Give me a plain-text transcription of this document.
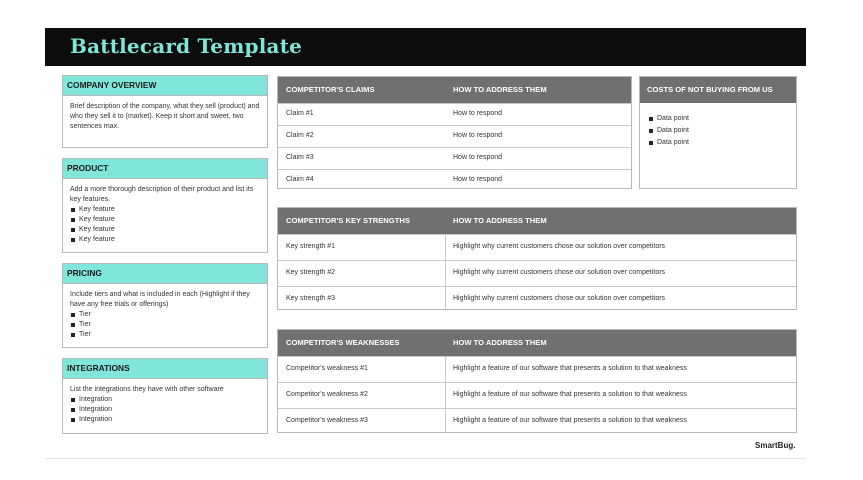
Battlecard Template
COMPANY OVERVIEW
Brief description of the company, what they sell (product) and who they sell it to (market). Keep it short and sweet, two sentences max.
PRODUCT
Add a more thorough description of their product and list its key features.
Key feature
Key feature
Key feature
Key feature
PRICING
Include tiers and what is included in each (Highlight if they have any free trials or offerings)
Tier
Tier
Tier
INTEGRATIONS
List the integrations they have with other software
Integration
Integration
Integration
COMPETITOR'S CLAIMS	HOW TO ADDRESS THEM
Claim #1	How to respond
Claim #2	How to respond
Claim #3	How to respond
Claim #4	How to respond
COSTS OF NOT BUYING FROM US
Data point
Data point
Data point
COMPETITOR'S KEY STRENGTHS	HOW TO ADDRESS THEM
Key strength #1	Highlight why current customers chose our solution over competitors
Key strength #2	Highlight why current customers chose our solution over competitors
Key strength #3	Highlight why current customers chose our solution over competitors
COMPETITOR'S WEAKNESSES	HOW TO ADDRESS THEM
Competitor's weakness #1	Highlight a feature of our software that presents a solution to that weakness
Competitor's weakness #2	Highlight a feature of our software that presents a solution to that weakness
Competitor's weakness #3	Highlight a feature of our software that presents a solution to that weakness
SmartBug.
